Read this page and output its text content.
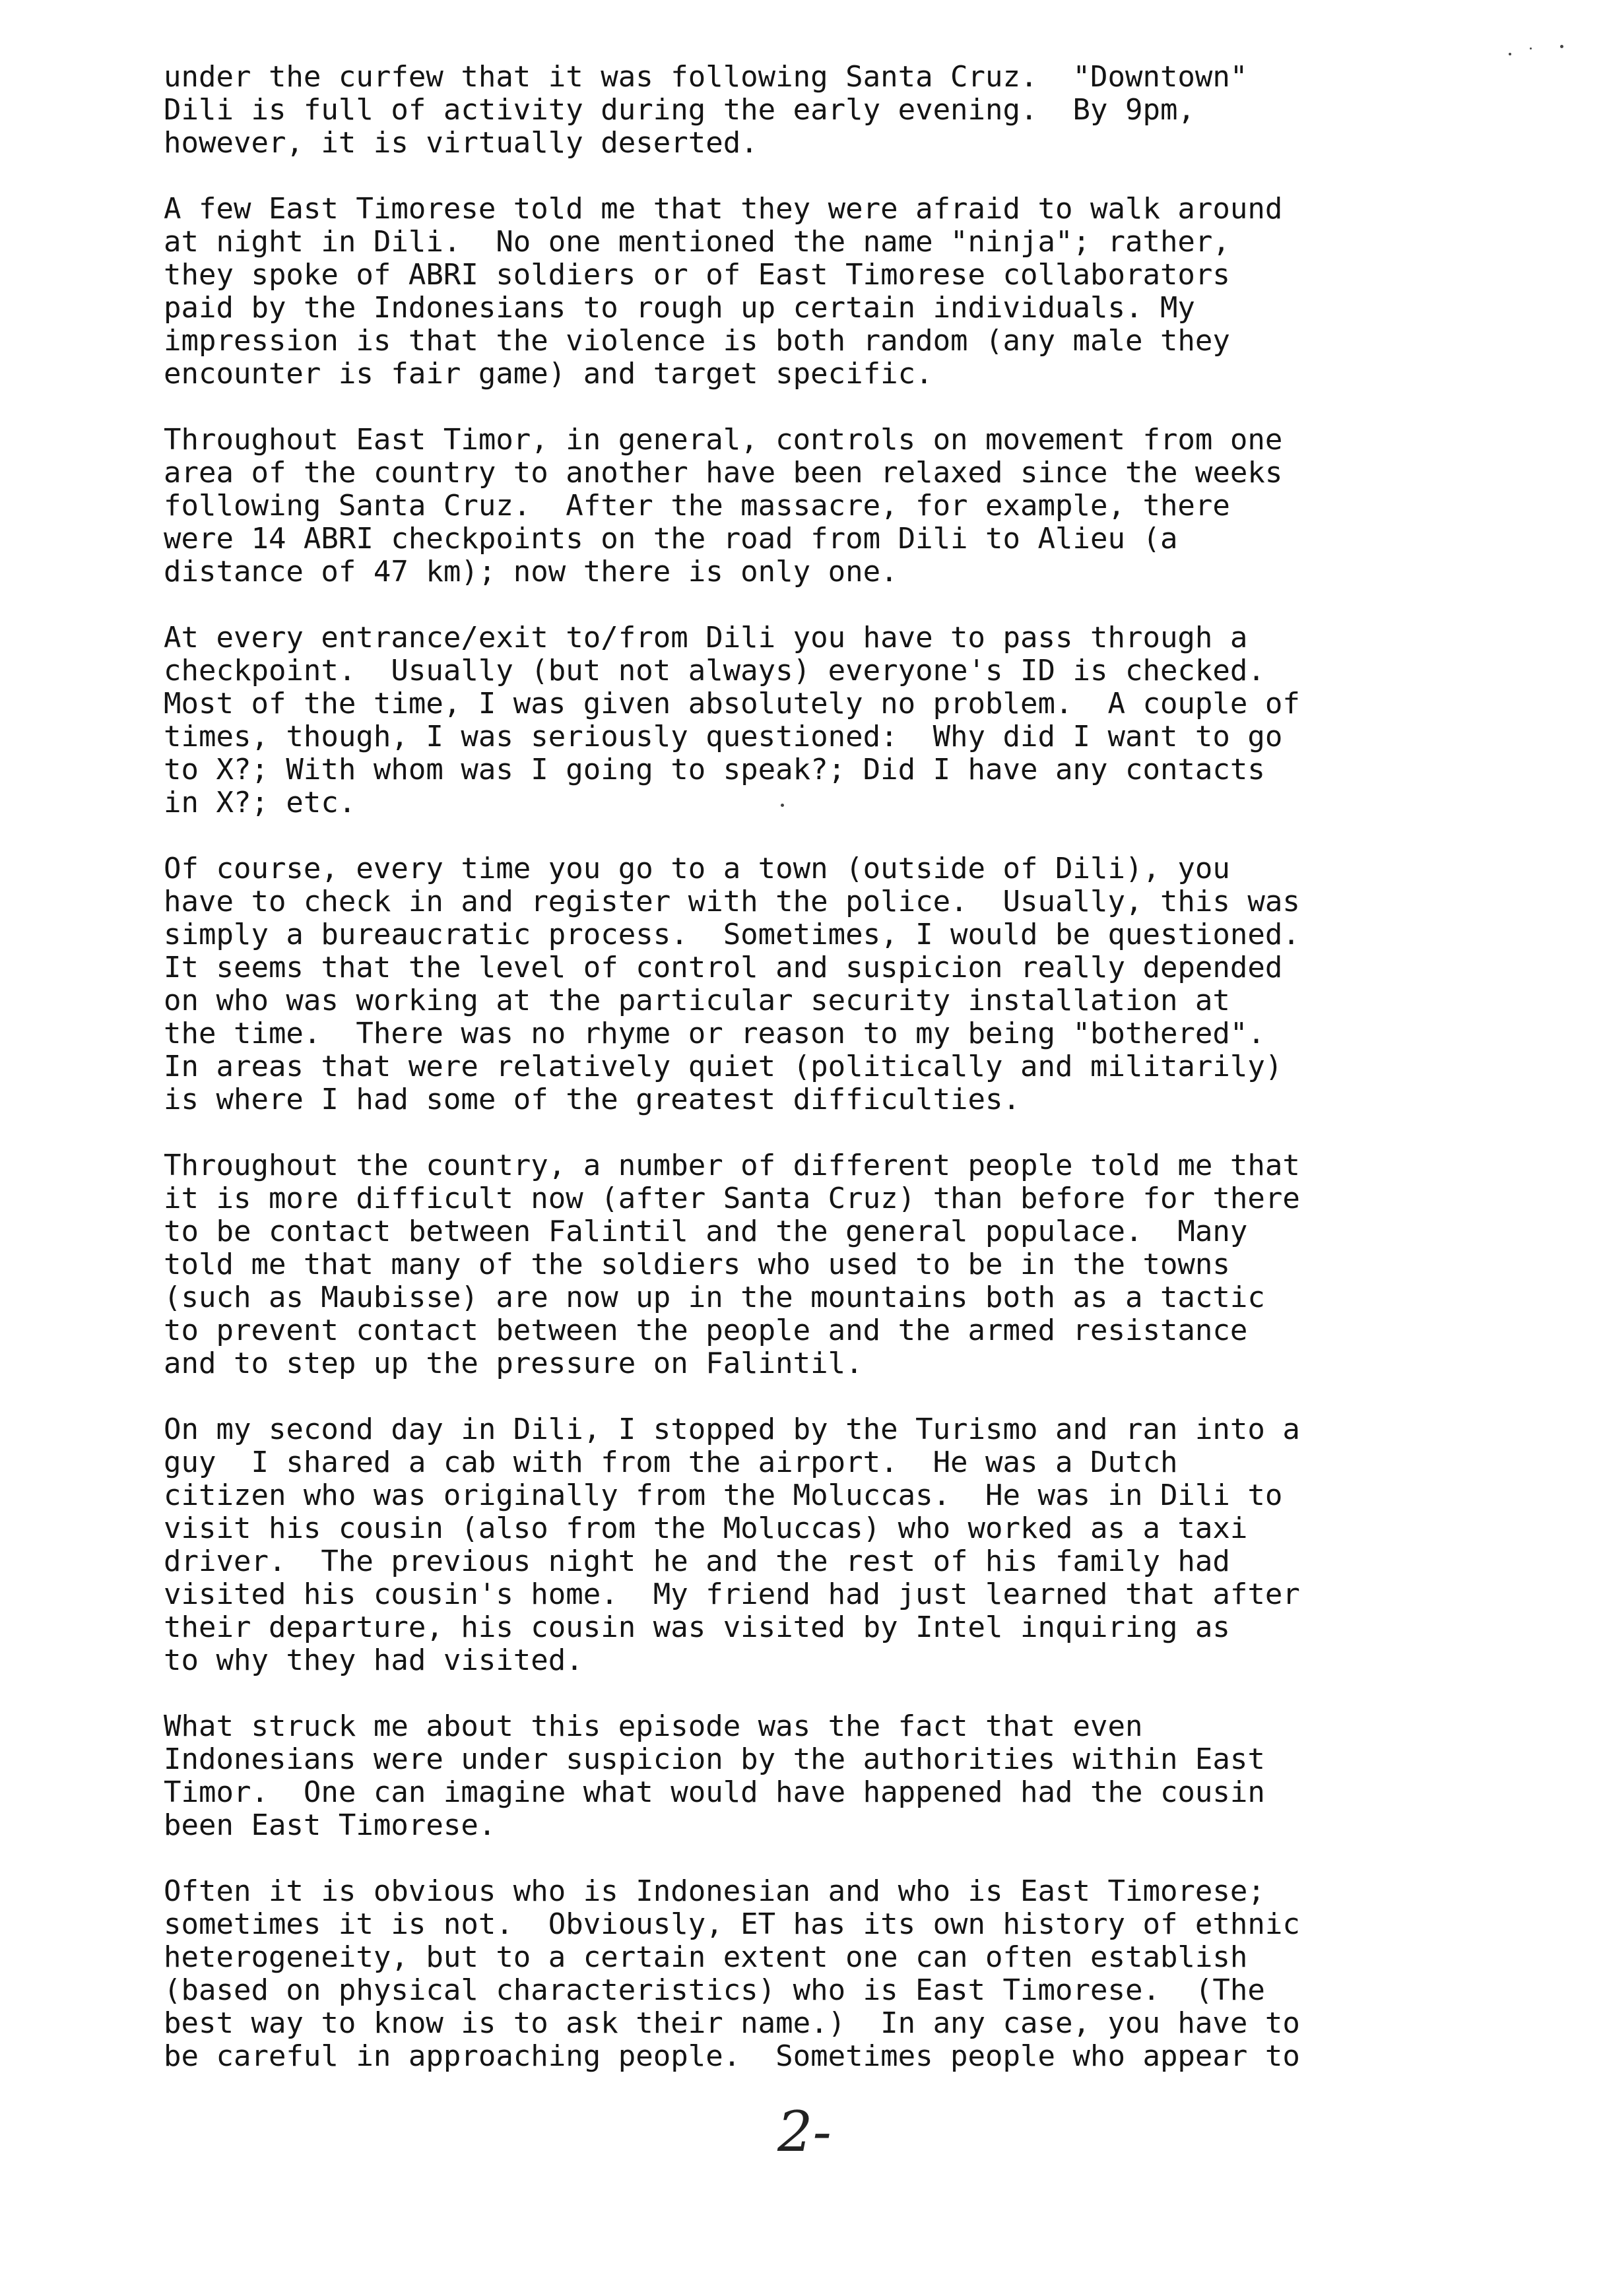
under the curfew that it was following Santa Cruz.  "Downtown"
Dili is full of activity during the early evening.  By 9pm,
however, it is virtually deserted.
A few East Timorese told me that they were afraid to walk around
at night in Dili.  No one mentioned the name "ninja"; rather,
they spoke of ABRI soldiers or of East Timorese collaborators
paid by the Indonesians to rough up certain individuals. My
impression is that the violence is both random (any male they
encounter is fair game) and target specific.
Throughout East Timor, in general, controls on movement from one
area of the country to another have been relaxed since the weeks
following Santa Cruz.  After the massacre, for example, there
were 14 ABRI checkpoints on the road from Dili to Alieu (a
distance of 47 km); now there is only one.
At every entrance/exit to/from Dili you have to pass through a
checkpoint.  Usually (but not always) everyone's ID is checked.
Most of the time, I was given absolutely no problem.  A couple of
times, though, I was seriously questioned:  Why did I want to go
to X?; With whom was I going to speak?; Did I have any contacts
in X?; etc.
Of course, every time you go to a town (outside of Dili), you
have to check in and register with the police.  Usually, this was
simply a bureaucratic process.  Sometimes, I would be questioned.
It seems that the level of control and suspicion really depended
on who was working at the particular security installation at
the time.  There was no rhyme or reason to my being "bothered".
In areas that were relatively quiet (politically and militarily)
is where I had some of the greatest difficulties.
Throughout the country, a number of different people told me that
it is more difficult now (after Santa Cruz) than before for there
to be contact between Falintil and the general populace.  Many
told me that many of the soldiers who used to be in the towns
(such as Maubisse) are now up in the mountains both as a tactic
to prevent contact between the people and the armed resistance
and to step up the pressure on Falintil.
On my second day in Dili, I stopped by the Turismo and ran into a
guy  I shared a cab with from the airport.  He was a Dutch
citizen who was originally from the Moluccas.  He was in Dili to
visit his cousin (also from the Moluccas) who worked as a taxi
driver.  The previous night he and the rest of his family had
visited his cousin's home.  My friend had just learned that after
their departure, his cousin was visited by Intel inquiring as
to why they had visited.
What struck me about this episode was the fact that even
Indonesians were under suspicion by the authorities within East
Timor.  One can imagine what would have happened had the cousin
been East Timorese.
Often it is obvious who is Indonesian and who is East Timorese;
sometimes it is not.  Obviously, ET has its own history of ethnic
heterogeneity, but to a certain extent one can often establish
(based on physical characteristics) who is East Timorese.  (The
best way to know is to ask their name.)  In any case, you have to
be careful in approaching people.  Sometimes people who appear to
2-
